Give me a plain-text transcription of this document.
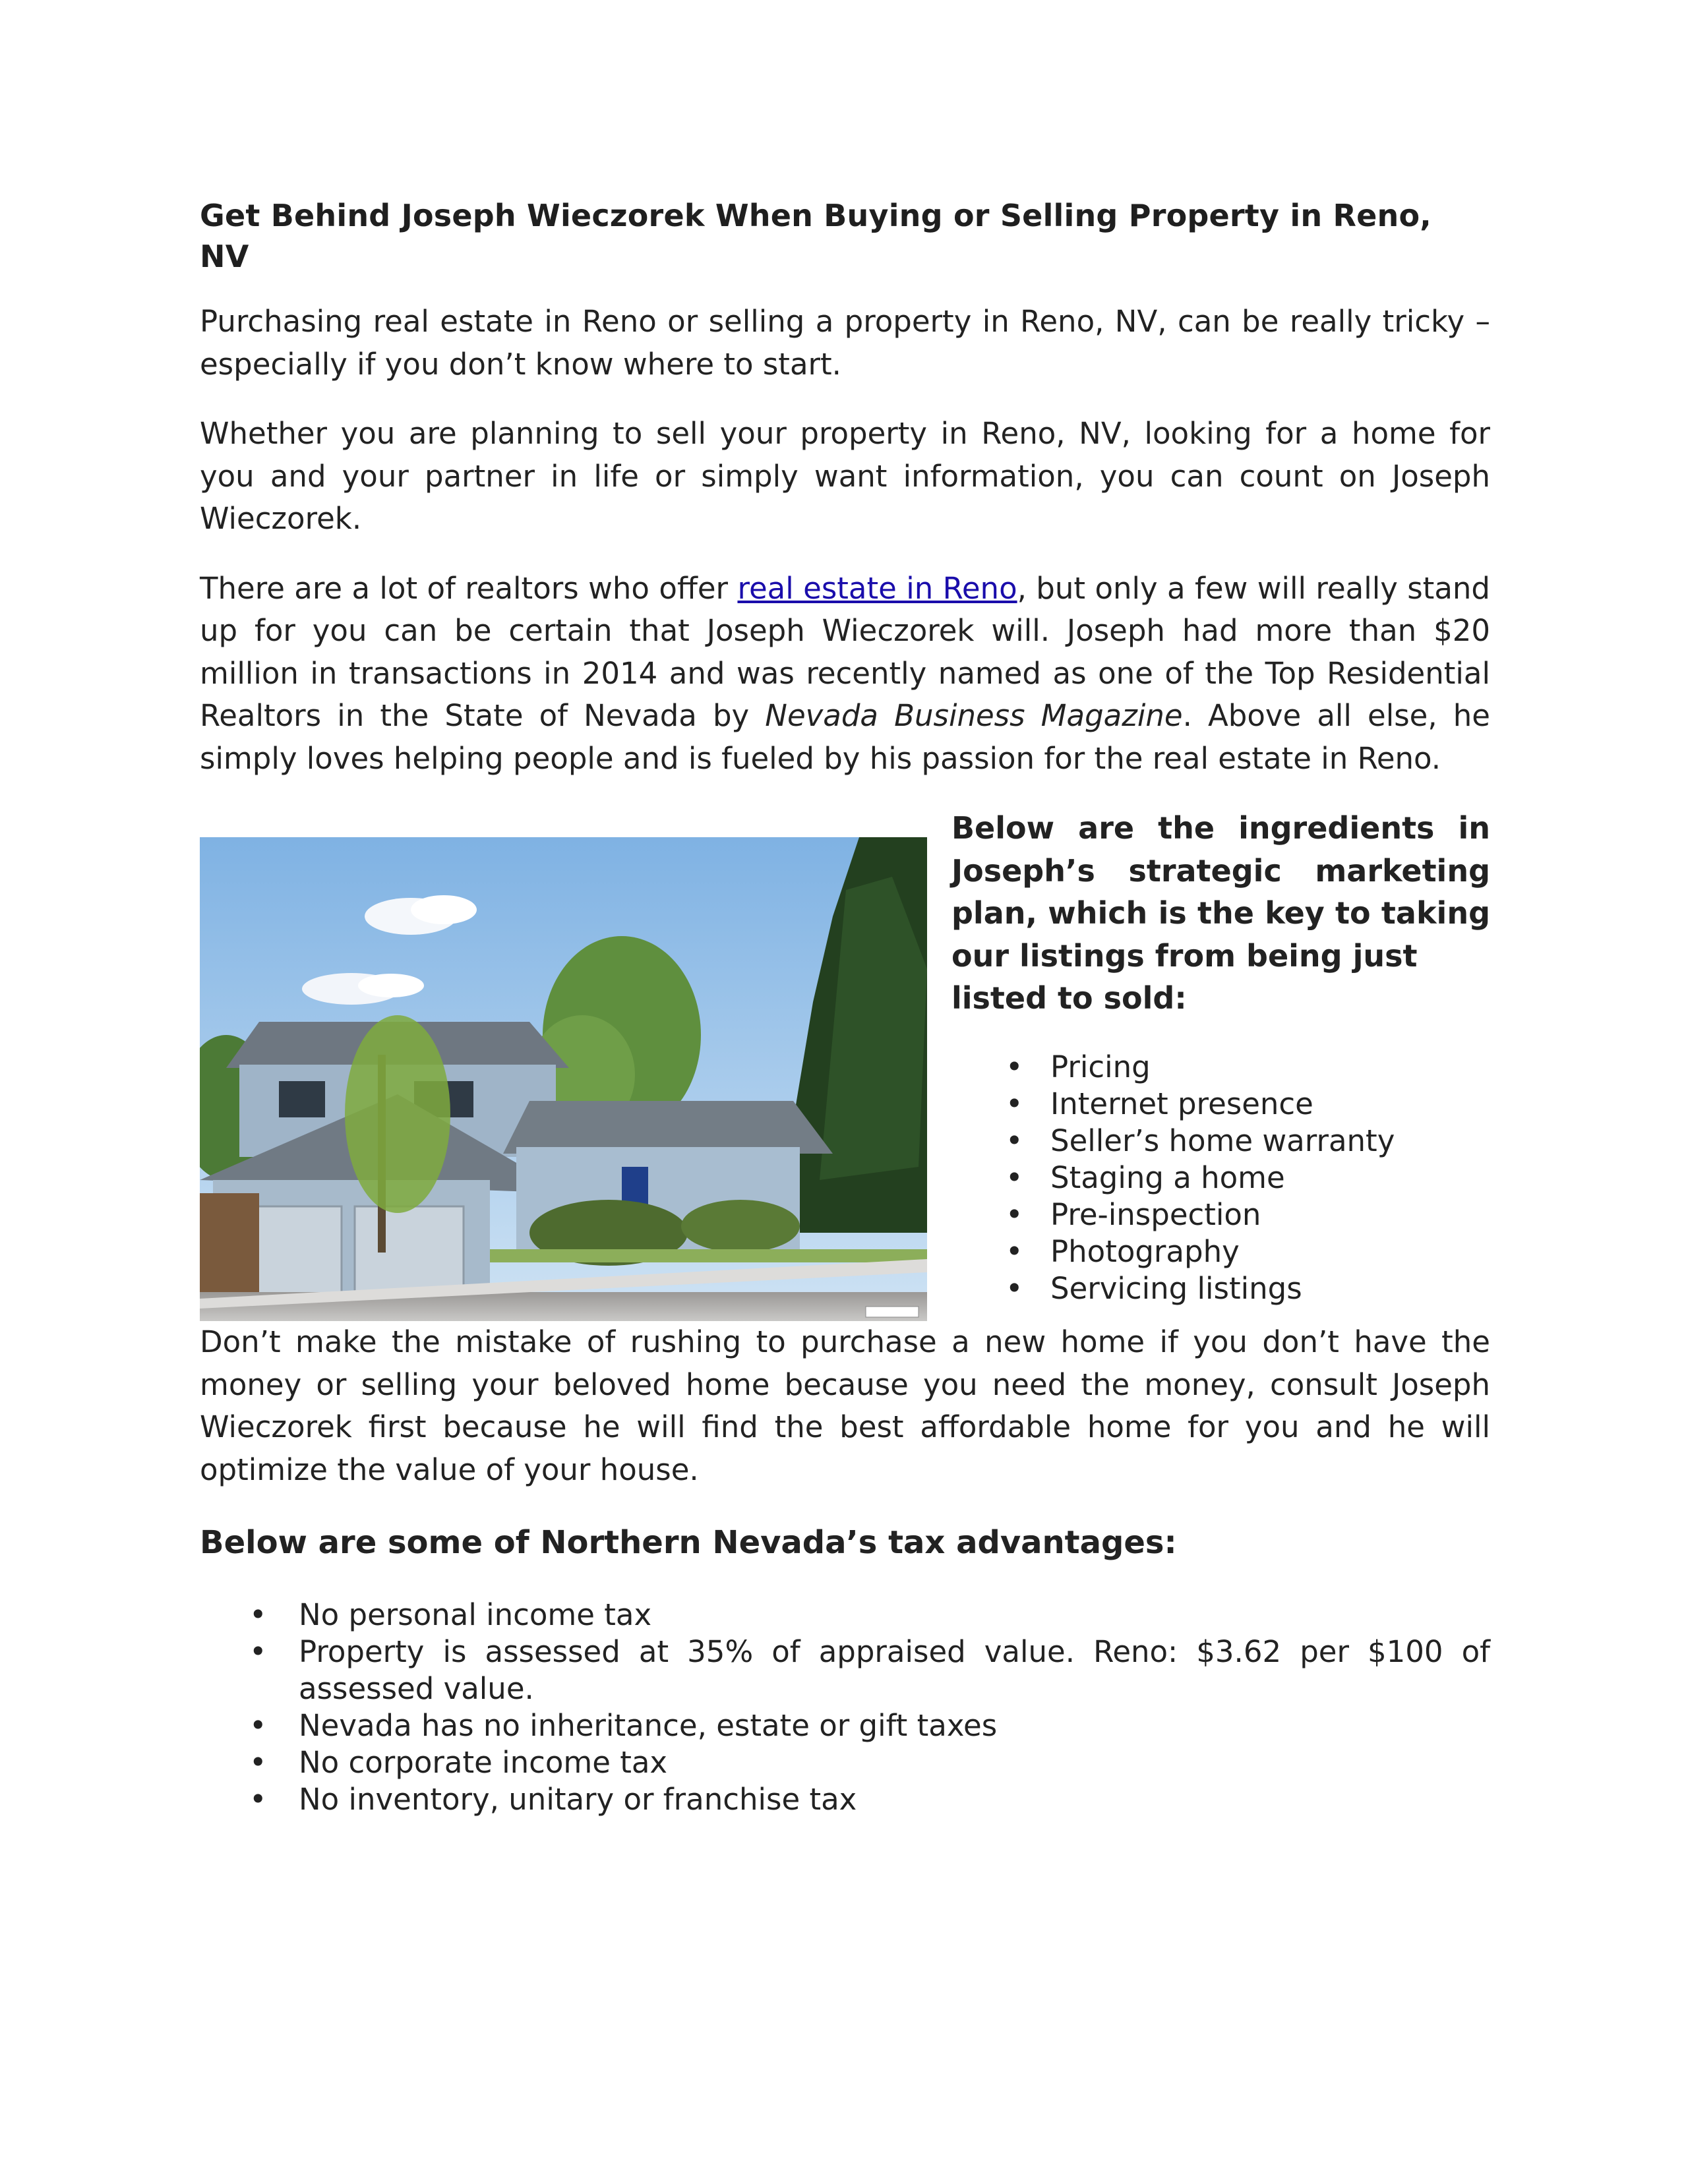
Get Behind Joseph Wieczorek When Buying or Selling Property in Reno, NV

Purchasing real estate in Reno or selling a property in Reno, NV, can be really tricky – especially if you don’t know where to start.

Whether you are planning to sell your property in Reno, NV, looking for a home for you and your partner in life or simply want information, you can count on Joseph Wieczorek.

There are a lot of realtors who offer real estate in Reno, but only a few will really stand up for you can be certain that Joseph Wieczorek will. Joseph had more than $20 million in transactions in 2014 and was recently named as one of the Top Residential Realtors in the State of Nevada by Nevada Business Magazine. Above all else, he simply loves helping people and is fueled by his passion for the real estate in Reno.

Below are the ingredients in Joseph’s strategic marketing plan, which is the key to taking our listings from being just
listed to sold:
• Pricing
• Internet presence
• Seller’s home warranty
• Staging a home
• Pre-inspection
• Photography
• Servicing listings

Don’t make the mistake of rushing to purchase a new home if you don’t have the money or selling your beloved home because you need the money, consult Joseph Wieczorek first because he will find the best affordable home for you and he will optimize the value of your house.

Below are some of Northern Nevada’s tax advantages:
• No personal income tax
• Property is assessed at 35% of appraised value. Reno: $3.62 per $100 of assessed value.
• Nevada has no inheritance, estate or gift taxes
• No corporate income tax
• No inventory, unitary or franchise tax
